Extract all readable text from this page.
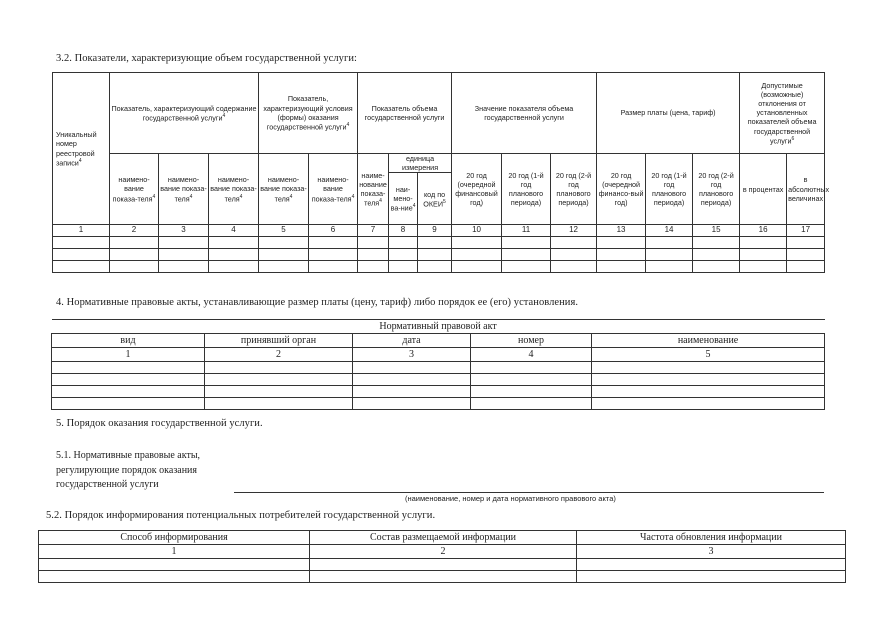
3.2. Показатели, характеризующие объем государственной услуги:
Уникальный номер реестровой записи$^4$	Показатель, характеризующий содержание государственной услуги$^4$			Показатель, характеризующий условия (формы) оказания государственной услуги$^4$		Показатель объема государственной услуги			Значение показателя объема государственной услуги			Размер платы (цена, тариф)			Допустимые (возможные) отклонения от установленных показателей объема государственной услуги$^6$
	наимено-вание показа-теля$^4$	наимено-вание показа-теля$^4$	наимено-вание показа-теля$^4$	наимено-вание показа-теля$^4$	наимено-вание показа-теля$^4$	наиме-нование показа-теля$^4$	единица измерения		20 год (очередной финансовый год)	20 год (1-й год планового периода)	20 год (2-й год планового периода)	20 год (очередной финансо-вый год)	20 год (1-й год планового периода)	20 год (2-й год планового периода)	в процентах	в абсолютных величинах
							наи-мено-ва-ние$^4$	код по ОКЕИ$^5$
1	2	3	4	5	6	7	8	9	10	11	12	13	14	15	16	17

4. Нормативные правовые акты, устанавливающие размер платы (цену, тариф) либо порядок ее (его) установления.
Нормативный правовой акт				
вид	принявший орган	дата	номер	наименование
1	2	3	4	5

5. Порядок оказания государственной услуги.
5.1. Нормативные правовые акты,
регулирующие порядок оказания
государственной услуги
(наименование, номер и дата нормативного правового акта)
5.2. Порядок информирования потенциальных потребителей государственной услуги.
Способ информирования	Состав размещаемой информации	Частота обновления информации
1	2	3
